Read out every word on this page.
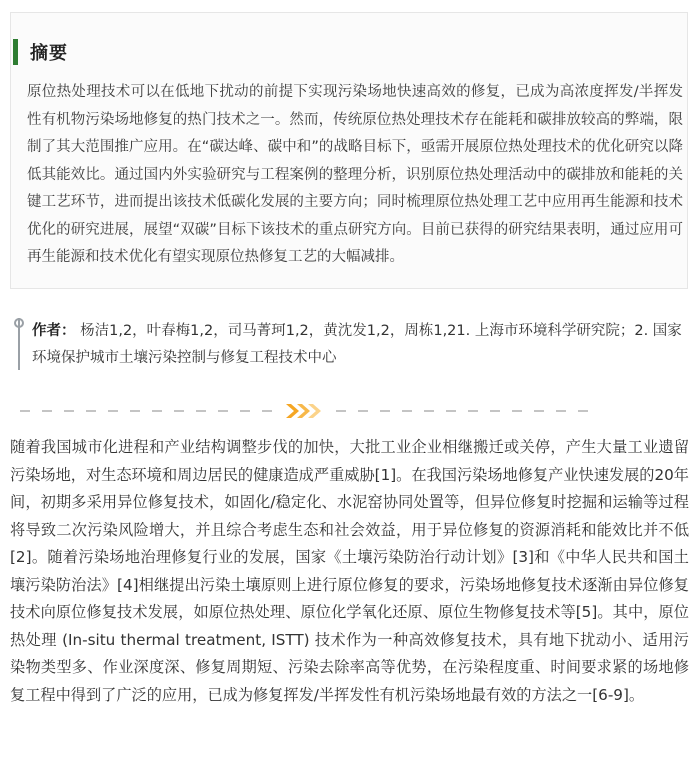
摘要

原位热处理技术可以在低地下扰动的前提下实现污染场地快速高效的修复，已成为高浓度挥发/半挥发性有机物污染场地修复的热门技术之一。然而，传统原位热处理技术存在能耗和碳排放较高的弊端，限制了其大范围推广应用。在“碳达峰、碳中和”的战略目标下，亟需开展原位热处理技术的优化研究以降低其能效比。通过国内外实验研究与工程案例的整理分析，识别原位热处理活动中的碳排放和能耗的关键工艺环节，进而提出该技术低碳化发展的主要方向；同时梳理原位热处理工艺中应用再生能源和技术优化的研究进展，展望“双碳”目标下该技术的重点研究方向。目前已获得的研究结果表明，通过应用可再生能源和技术优化有望实现原位热修复工艺的大幅减排。

作者： 杨洁1,2，叶春梅1,2，司马菁珂1,2，黄沈发1,2，周栋1,21. 上海市环境科学研究院；2. 国家环境保护城市土壤污染控制与修复工程技术中心

随着我国城市化进程和产业结构调整步伐的加快，大批工业企业相继搬迁或关停，产生大量工业遗留污染场地，对生态环境和周边居民的健康造成严重威胁[1]。在我国污染场地修复产业快速发展的20年间，初期多采用异位修复技术，如固化/稳定化、水泥窑协同处置等，但异位修复时挖掘和运输等过程将导致二次污染风险增大，并且综合考虑生态和社会效益，用于异位修复的资源消耗和能效比并不低[2]。随着污染场地治理修复行业的发展，国家《土壤污染防治行动计划》[3]和《中华人民共和国土壤污染防治法》[4]相继提出污染土壤原则上进行原位修复的要求，污染场地修复技术逐渐由异位修复技术向原位修复技术发展，如原位热处理、原位化学氧化还原、原位生物修复技术等[5]。其中，原位热处理 (In-situ thermal treatment, ISTT) 技术作为一种高效修复技术，具有地下扰动小、适用污染物类型多、作业深度深、修复周期短、污染去除率高等优势，在污染程度重、时间要求紧的场地修复工程中得到了广泛的应用，已成为修复挥发/半挥发性有机污染场地最有效的方法之一[6-9]。
